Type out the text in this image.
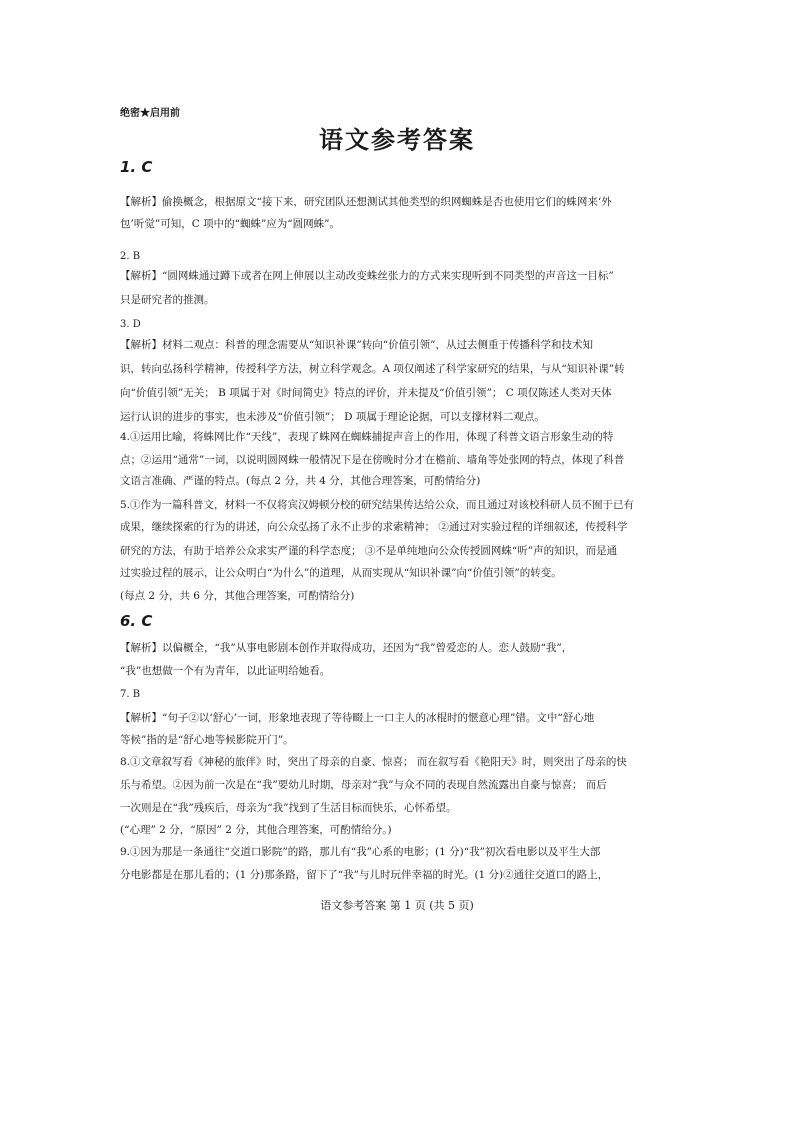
绝密★启用前
语文参考答案
1. C
【解析】偷换概念，根据原文“接下来，研究团队还想测试其他类型的织网蜘蛛是否也使用它们的蛛网来‘外
包’听觉”可知，C 项中的“蜘蛛”应为“圆网蛛”。
2. B
【解析】“圆网蛛通过蹲下或者在网上伸展以主动改变蛛丝张力的方式来实现听到不同类型的声音这一目标”
只是研究者的推测。
3. D
【解析】材料二观点：科普的理念需要从“知识补课”转向“价值引领”，从过去侧重于传播科学和技术知
识，转向弘扬科学精神，传授科学方法，树立科学观念。A 项仅阐述了科学家研究的结果，与从“知识补课”转
向“价值引领”无关； B 项属于对《时间简史》特点的评价，并未提及“价值引领”； C 项仅陈述人类对天体
运行认识的进步的事实，也未涉及“价值引领”； D 项属于理论论据，可以支撑材料二观点。
4.①运用比喻，将蛛网比作“天线”，表现了蛛网在蜘蛛捕捉声音上的作用，体现了科普文语言形象生动的特
点；②运用“通常”一词，以说明圆网蛛一般情况下是在傍晚时分才在檐前、墙角等处张网的特点，体现了科普
文语言准确、严谨的特点。(每点 2 分，共 4 分，其他合理答案，可酌情给分)
5.①作为一篇科普文，材料一不仅将宾汉姆顿分校的研究结果传达给公众，而且通过对该校科研人员不囿于已有
成果，继续探索的行为的讲述，向公众弘扬了永不止步的求索精神； ②通过对实验过程的详细叙述，传授科学
研究的方法，有助于培养公众求实严谨的科学态度； ③不是单纯地向公众传授圆网蛛“听”声的知识，而是通
过实验过程的展示，让公众明白“为什么”的道理，从而实现从“知识补课”向“价值引领”的转变。
(每点 2 分，共 6 分，其他合理答案，可酌情给分)
6. C
【解析】以偏概全，“我”从事电影剧本创作并取得成功，还因为“我”曾爱恋的人。恋人鼓励“我”，
“我”也想做一个有为青年，以此证明给她看。
7. B
【解析】“句子②以‘舒心’一词，形象地表现了等待畷上一口主人的冰棍时的惬意心理”错。文中“舒心地
等候”指的是“舒心地等候影院开门”。
8.①文章叙写看《神秘的旅伴》时，突出了母亲的自豪、惊喜； 而在叙写看《艳阳天》时，则突出了母亲的快
乐与希望。②因为前一次是在“我”要幼儿时期，母亲对“我”与众不同的表现自然流露出自豪与惊喜； 而后
一次则是在“我”残疾后，母亲为“我”找到了生活目标而快乐，心怀希望。
(“心理” 2 分，“原因” 2 分，其他合理答案，可酌情给分。)
9.①因为那是一条通往“交道口影院”的路，那儿有“我”心系的电影；(1 分)“我”初次看电影以及平生大部
分电影都是在那儿看的；(1 分)那条路，留下了“我”与儿时玩伴幸福的时光。(1 分)②通往交道口的路上，
语文参考答案 第 1 页 (共 5 页)
